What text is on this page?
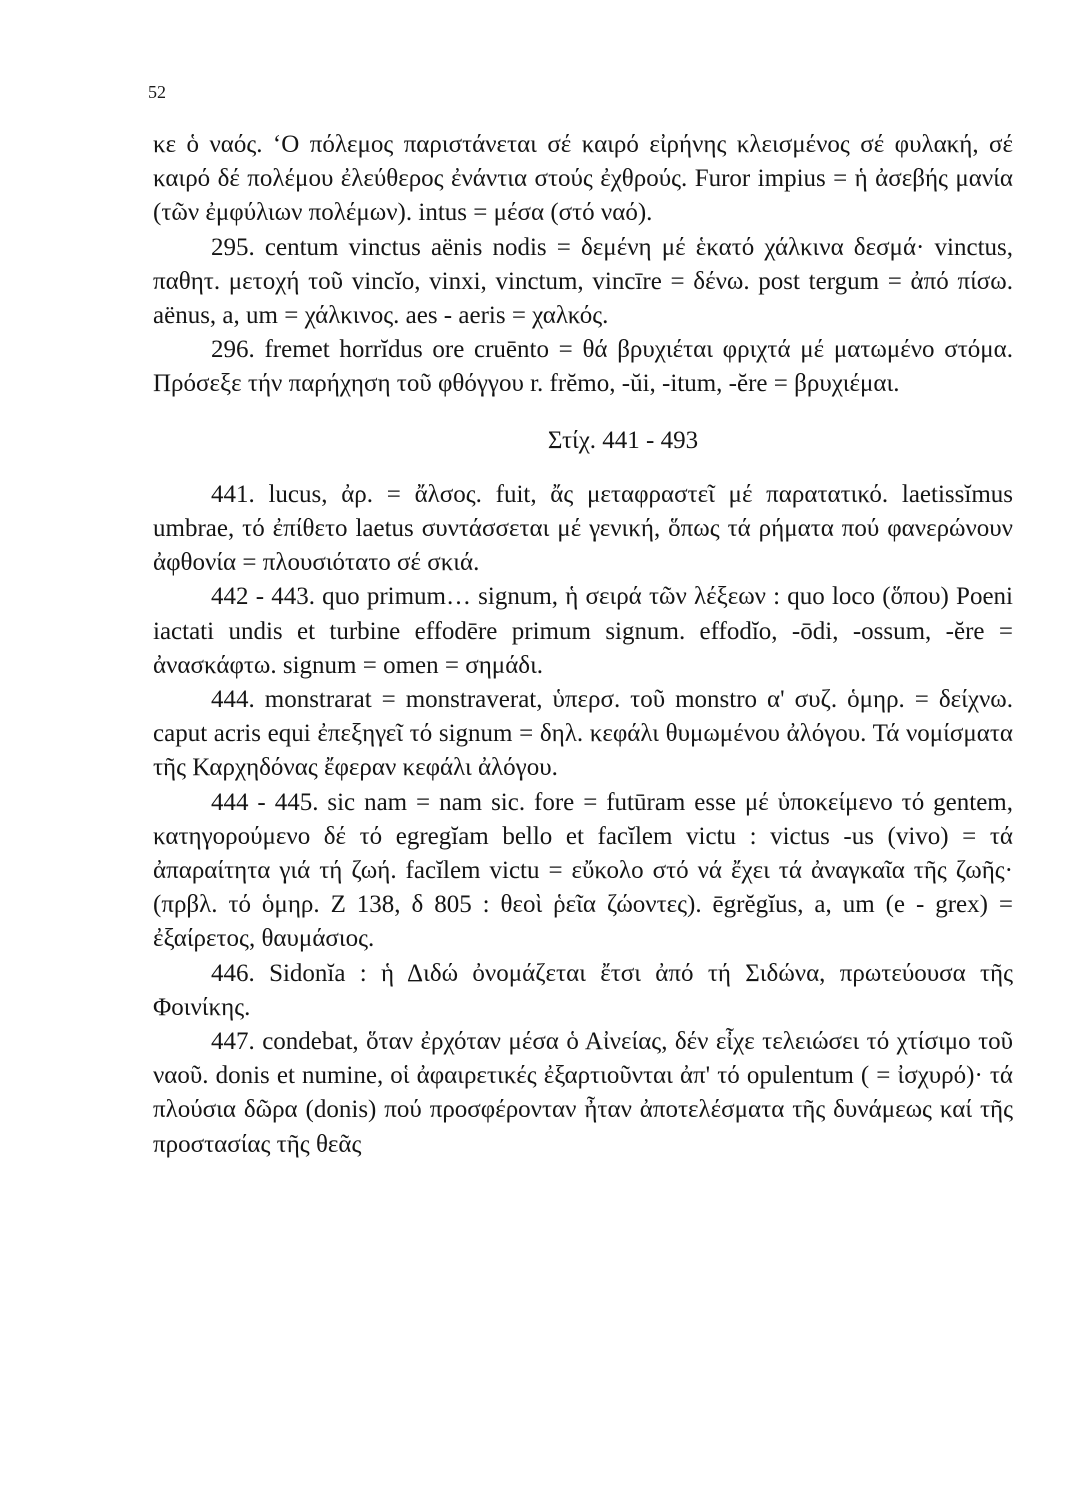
52

κε ὁ ναός. ʻΟ πόλεμος παριστάνεται σέ καιρό εἰρήνης κλεισμένος σέ φυλακή, σέ καιρό δέ πολέμου ἐλεύθερος ἐνάντια στούς ἐχθρούς. Furor impius = ἡ ἀσεβής μανία (τῶν ἐμφύλιων πολέμων). intus = μέσα (στό ναό).

295. centum vinctus aënis nodis = δεμένη μέ ἑκατό χάλκινα δεσμά· vinctus, παθητ. μετοχή τοῦ vincĭo, vinxi, vinctum, vincīre = δένω. post tergum = ἀπό πίσω. aënus, a, um = χάλκινος. aes - aeris = χαλκός.

296. fremet horrĭdus ore cruēnto = θά βρυχιέται φριχτά μέ ματωμένο στόμα. Πρόσεξε τήν παρήχηση τοῦ φθόγγου r. frĕmo, -ŭi, -itum, -ĕre = βρυχιέμαι.

Στίχ. 441 - 493

441. lucus, ἀρ. = ἄλσος. fuit, ἄς μεταφραστεῖ μέ παρατατικό. laetissĭmus umbrae, τό ἐπίθετο laetus συντάσσεται μέ γενική, ὅπως τά ρήματα πού φανερώνουν ἀφθονία = πλουσιότατο σέ σκιά.

442 - 443. quo primum… signum, ἡ σειρά τῶν λέξεων : quo loco (ὅπου) Poeni iactati undis et turbine effodēre primum signum. effodĭo, -ōdi, -ossum, -ĕre = ἀνασκάφτω. signum = omen = σημάδι.

444. monstrarat = monstraverat, ὑπερσ. τοῦ monstro α' συζ. ὁμηρ. = δείχνω. caput acris equi ἐπεξηγεῖ τό signum = δηλ. κεφάλι θυμωμένου ἀλόγου. Τά νομίσματα τῆς Καρχηδόνας ἔφεραν κεφάλι ἀλόγου.

444 - 445. sic nam = nam sic. fore = futūram esse μέ ὑποκείμενο τό gentem, κατηγορούμενο δέ τό egregĭam bello et facĭlem victu : victus -us (vivo) = τά ἀπαραίτητα γιά τή ζωή. facĭlem victu = εὔκολο στό νά ἔχει τά ἀναγκαῖα τῆς ζωῆς· (πρβλ. τό ὁμηρ. Z 138, δ 805 : θεοὶ ῥεῖα ζώοντες). ēgrĕgĭus, a, um (e - grex) = ἐξαίρετος, θαυμάσιος.

446. Sidonĭa : ἡ Διδώ ὀνομάζεται ἔτσι ἀπό τή Σιδώνα, πρωτεύουσα τῆς Φοινίκης.

447. condebat, ὅταν ἐρχόταν μέσα ὁ Αἰνείας, δέν εἶχε τελειώσει τό χτίσιμο τοῦ ναοῦ. donis et numine, οἱ ἀφαιρετικές ἐξαρτιοῦνται ἀπ' τό opulentum ( = ἰσχυρό)· τά πλούσια δῶρα (donis) πού προσφέρονταν ἦταν ἀποτελέσματα τῆς δυνάμεως καί τῆς προστασίας τῆς θεᾶς
